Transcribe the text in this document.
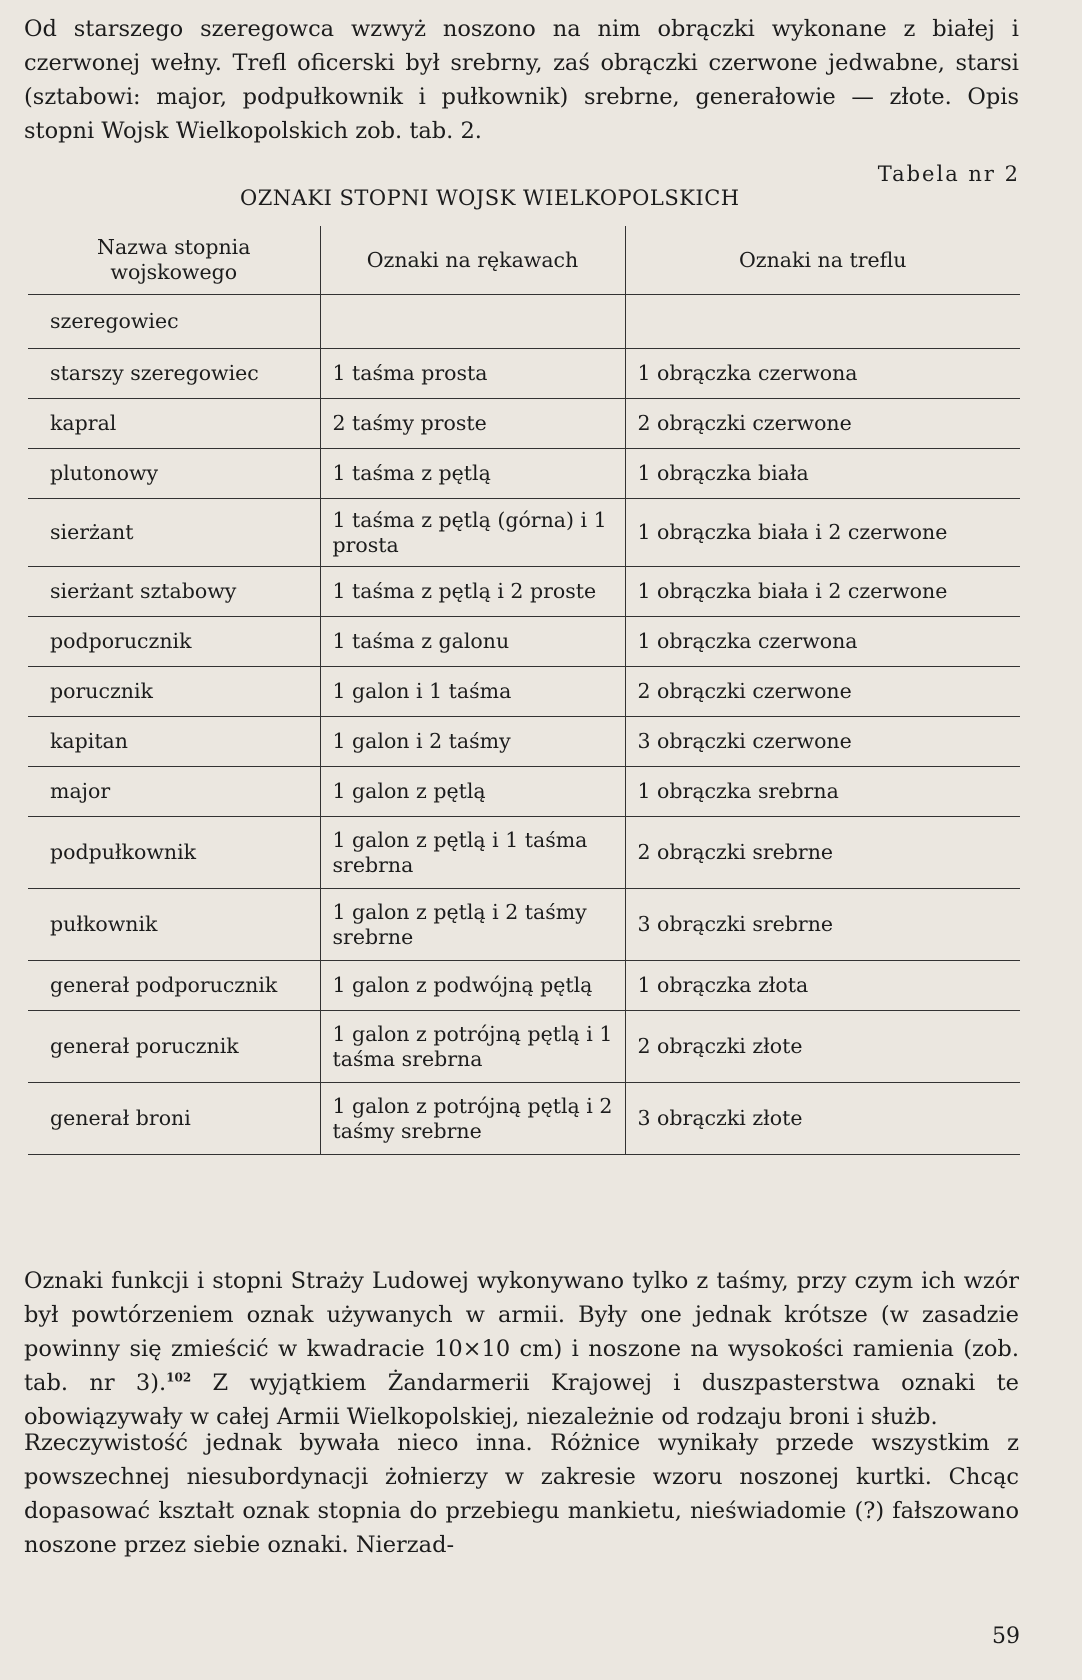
Od starszego szeregowca wzwyż noszono na nim obrączki wykonane z białej i czerwonej wełny. Trefl oficerski był srebrny, zaś obrączki czerwone jedwabne, starsi (sztabowi: major, podpułkownik i pułkownik) srebrne, generałowie — złote. Opis stopni Wojsk Wielkopolskich zob. tab. 2.

Tabela nr 2
OZNAKI STOPNI WOJSK WIELKOPOLSKICH
Nazwa stopnia wojskowego	Oznaki na rękawach	Oznaki na treflu
szeregowiec		
starszy szeregowiec	1 taśma prosta	1 obrączka czerwona
kapral	2 taśmy proste	2 obrączki czerwone
plutonowy	1 taśma z pętlą	1 obrączka biała
sierżant	1 taśma z pętlą (górna) i 1 prosta	1 obrączka biała i 2 czerwone
sierżant sztabowy	1 taśma z pętlą i 2 proste	1 obrączka biała i 2 czerwone
podporucznik	1 taśma z galonu	1 obrączka czerwona
porucznik	1 galon i 1 taśma	2 obrączki czerwone
kapitan	1 galon i 2 taśmy	3 obrączki czerwone
major	1 galon z pętlą	1 obrączka srebrna
podpułkownik	1 galon z pętlą i 1 taśma srebrna	2 obrączki srebrne
pułkownik	1 galon z pętlą i 2 taśmy srebrne	3 obrączki srebrne
generał podporucznik	1 galon z podwójną pętlą	1 obrączka złota
generał porucznik	1 galon z potrójną pętlą i 1 taśma srebrna	2 obrączki złote
generał broni	1 galon z potrójną pętlą i 2 taśmy srebrne	3 obrączki złote

Oznaki funkcji i stopni Straży Ludowej wykonywano tylko z taśmy, przy czym ich wzór był powtórzeniem oznak używanych w armii. Były one jednak krótsze (w zasadzie powinny się zmieścić w kwadracie 10×10 cm) i noszone na wysokości ramienia (zob. tab. nr 3).$^{102}$ Z wyjątkiem Żandarmerii Krajowej i duszpasterstwa oznaki te obowiązywały w całej Armii Wielkopolskiej, niezależnie od rodzaju broni i służb.

Rzeczywistość jednak bywała nieco inna. Różnice wynikały przede wszystkim z powszechnej niesubordynacji żołnierzy w zakresie wzoru noszonej kurtki. Chcąc dopasować kształt oznak stopnia do przebiegu mankietu, nieświadomie (?) fałszowano noszone przez siebie oznaki. Nierzad-

59
